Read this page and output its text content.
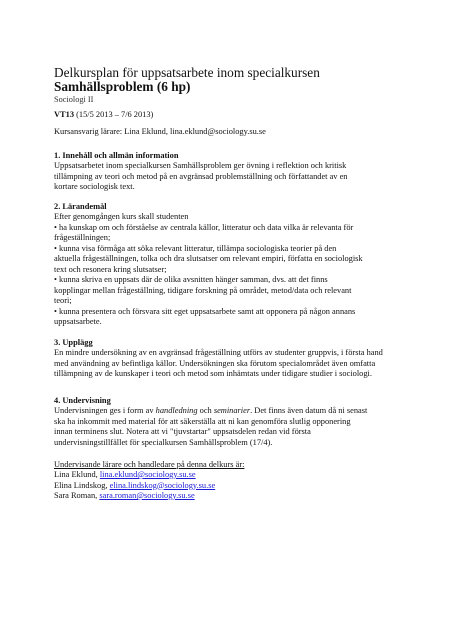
Delkursplan för uppsatsarbete inom specialkursen
Samhällsproblem (6 hp)
Sociologi II
VT13 (15/5 2013 – 7/6 2013)
Kursansvarig lärare: Lina Eklund, lina.eklund@sociology.su.se
1. Innehåll och allmän information
Uppsatsarbetet inom specialkursen Samhällsproblem ger övning i reflektion och kritisk
tillämpning av teori och metod på en avgränsad problemställning och författandet av en
kortare sociologisk text.
2. Lärandemål
Efter genomgången kurs skall studenten
• ha kunskap om och förståelse av centrala källor, litteratur och data vilka är relevanta för
frågeställningen;
• kunna visa förmåga att söka relevant litteratur, tillämpa sociologiska teorier på den
aktuella frågeställningen, tolka och dra slutsatser om relevant empiri, författa en sociologisk
text och resonera kring slutsatser;
• kunna skriva en uppsats där de olika avsnitten hänger samman, dvs. att det finns
kopplingar mellan frågeställning, tidigare forskning på området, metod/data och relevant
teori;
• kunna presentera och försvara sitt eget uppsatsarbete samt att opponera på någon annans
uppsatsarbete.
3. Upplägg
En mindre undersökning av en avgränsad frågeställning utförs av studenter gruppvis, i första hand
med användning av befintliga källor. Undersökningen ska förutom specialområdet även omfatta
tillämpning av de kunskaper i teori och metod som inhämtats under tidigare studier i sociologi.
4. Undervisning
Undervisningen ges i form av handledning och seminarier. Det finns även datum då ni senast
ska ha inkommit med material för att säkerställa att ni kan genomföra slutlig opponering
innan terminens slut. Notera att vi "tjuvstartar" uppsatsdelen redan vid första
undervisningstillfället för specialkursen Samhällsproblem (17/4).
Undervisande lärare och handledare på denna delkurs är:
Lina Eklund, lina.eklund@sociology.su.se
Elina Lindskog, elina.lindskog@sociology.su.se
Sara Roman, sara.roman@sociology.su.se
